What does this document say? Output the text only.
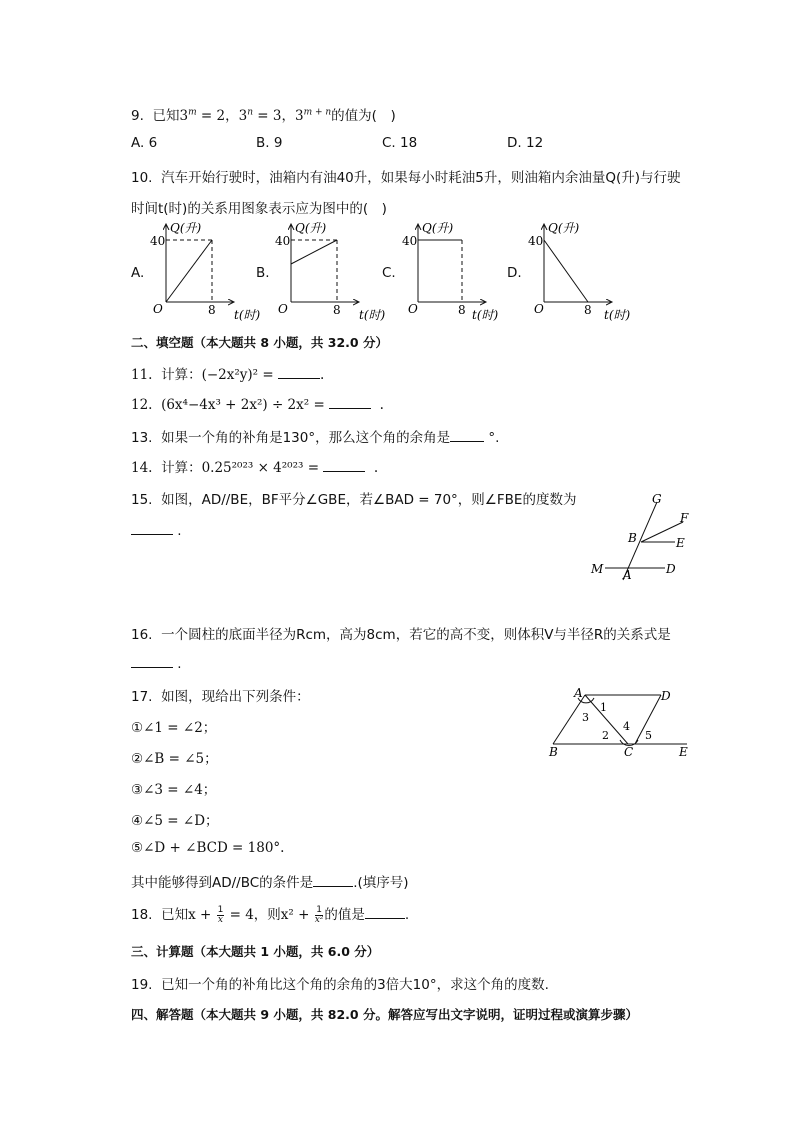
9. 已知$3^m = 2$，$3^n = 3$，$3^{m + n}$的值为(　)
A. 6	B. 9	C. 18	D. 12
10. 汽车开始行驶时，油箱内有油40升，如果每小时耗油5升，则油箱内余油量Q(升)与行驶
时间t(时)的关系用图象表示应为图中的(　)
A.	B.	C.	D.
40
Q(升)
O	8 t(时)
40
Q(升)
O	8 t(时)
40
Q(升)
O	8 t(时)
40
Q(升)
O	8 t(时)
二、填空题（本大题共 8 小题，共 32.0 分）
11. 计算：(−2x²y)² =	.
12. (6x⁴−4x³ + 2x²) ÷ 2x² =	.
13. 如果一个角的补角是130°，那么这个角的余角是	°.
14. 计算：0.25²⁰²³ × 4²⁰²³ =	.
15. 如图，AD//BE，BF平分∠GBE，若∠BAD = 70°，则∠FBE的度数为
.
G
F
B	E
M A	D
16. 一个圆柱的底面半径为Rcm，高为8cm，若它的高不变，则体积V与半径R的关系式是
.
17. 如图，现给出下列条件：
①∠1 = ∠2；
②∠B = ∠5；
③∠3 = ∠4；
④∠5 = ∠D；
⑤∠D + ∠BCD = 180°.
其中能够得到AD//BC的条件是	.(填序号)
A	D
B	C	E
1
3
2
4
5
18. 已知$x + \frac{1}{x} = 4$，则$x^2 + \frac{1}{\text{x²}}$ 的值是	.
三、计算题（本大题共 1 小题，共 6.0 分）
19. 已知一个角的补角比这个角的余角的3倍大10°，求这个角的度数.
四、解答题（本大题共 9 小题，共 82.0 分。解答应写出文字说明，证明过程或演算步骤）
